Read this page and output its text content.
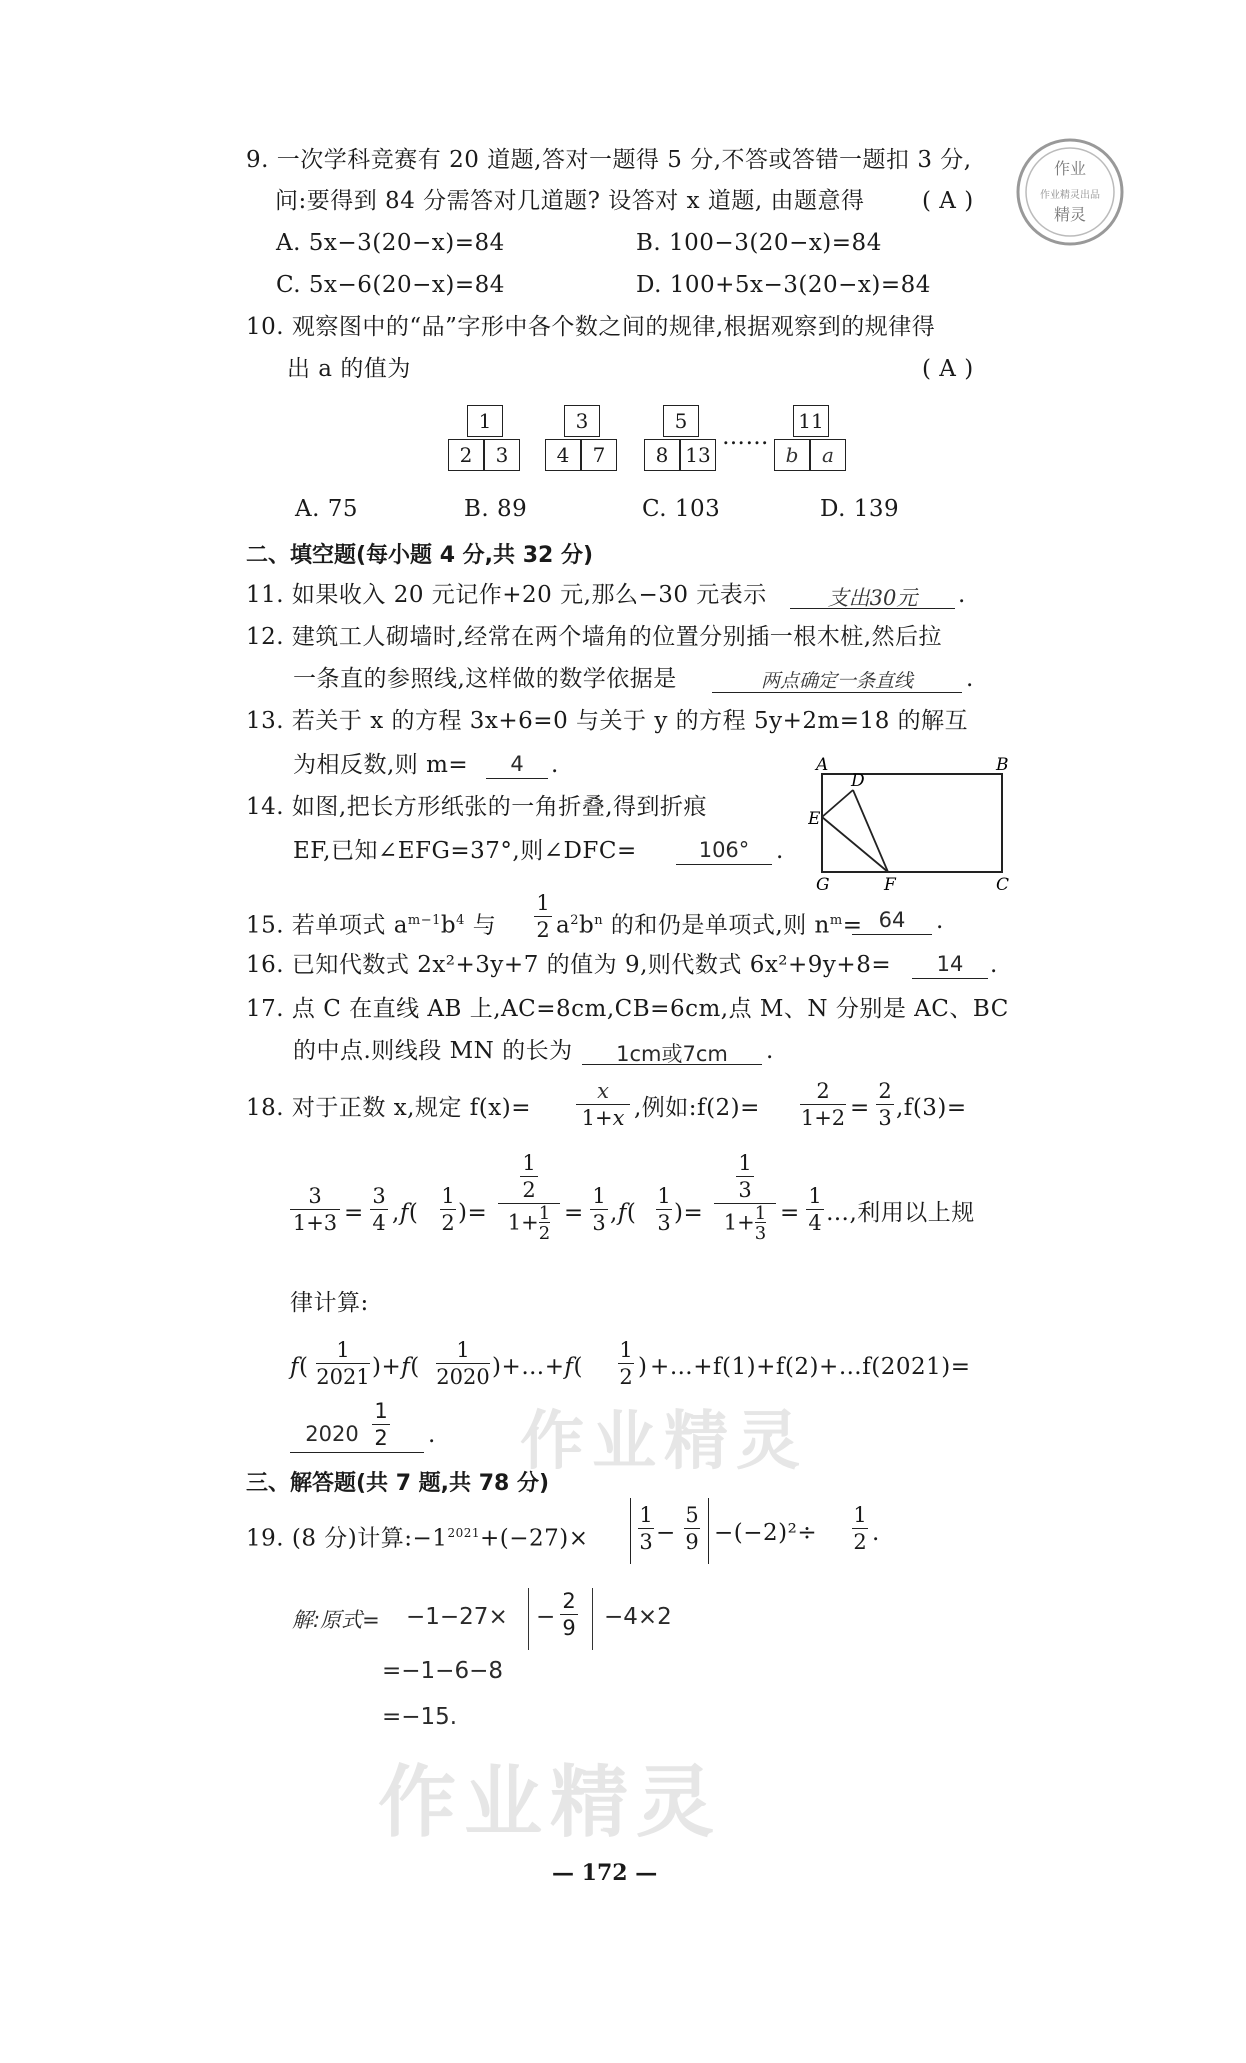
作业
作业精灵出品
精灵
9. 一次学科竞赛有 20 道题,答对一题得 5 分,不答或答错一题扣 3 分,
问:要得到 84 分需答对几道题? 设答对 x 道题, 由题意得	( A )
A. 5x−3(20−x)=84	B. 100−3(20−x)=84
C. 5x−6(20−x)=84	D. 100+5x−3(20−x)=84
10. 观察图中的“品”字形中各个数之间的规律,根据观察到的规律得
出 a 的值为	( A )
1
2	3
3
4	7
5
8 13
……
11
b	a
A. 75	B. 89	C. 103	D. 139
二、填空题(每小题 4 分,共 32 分)
11. 如果收入 20 元记作+20 元,那么−30 元表示	支出30元	.
12. 建筑工人砌墙时,经常在两个墙角的位置分别插一根木桩,然后拉
一条直的参照线,这样做的数学依据是	两点确定一条直线	.
13. 若关于 x 的方程 3x+6=0 与关于 y 的方程 5y+2m=18 的解互
为相反数,则 m=	4	.	A	B
D
E
G	F	C
14. 如图,把长方形纸张的一角折叠,得到折痕
EF,已知∠EFG=37°,则∠DFC=	106°	.
15. 若单项式 $a^{m-1}b^4$ 与
1
2 $a^2b^n$ 的和仍是单项式,则 $n^m= 64$	.
16. 已知代数式 2x²+3y+7 的值为 9,则代数式 6x²+9y+8=	14	.
17. 点 C 在直线 AB 上,AC=8cm,CB=6cm,点 M、N 分别是 AC、BC
的中点.则线段 MN 的长为	1cm或7cm	.
18. 对于正数 x,规定 f(x)=
x
1+x ,例如:f(2)=
2
1+2 =
2
3 ,f(3)=
3
1+3 =
3
4 ,f(
1
2 )=
1
2
1+1
2
=
1
3 ,f(
1
3 )=
1
3
1+1
3
=
1
4 …,利用以上规
律计算:
f(
1
2021 )+f(
1
2020 )+…+f(
1
2 ) +…+f(1)+f(2)+…f(2021)=
2020
1
2 . 作业精灵
三、解答题(共 7 题,共 78 分)
19. (8 分)计算$:-1^{2021}+(-27)\times$
1
3 −
5
9 −(−2)²÷
1
2 .
解:原式= −1−27× −
2
9 −4×2
=−1−6−8
=−15.
作业精灵
— 172 —
